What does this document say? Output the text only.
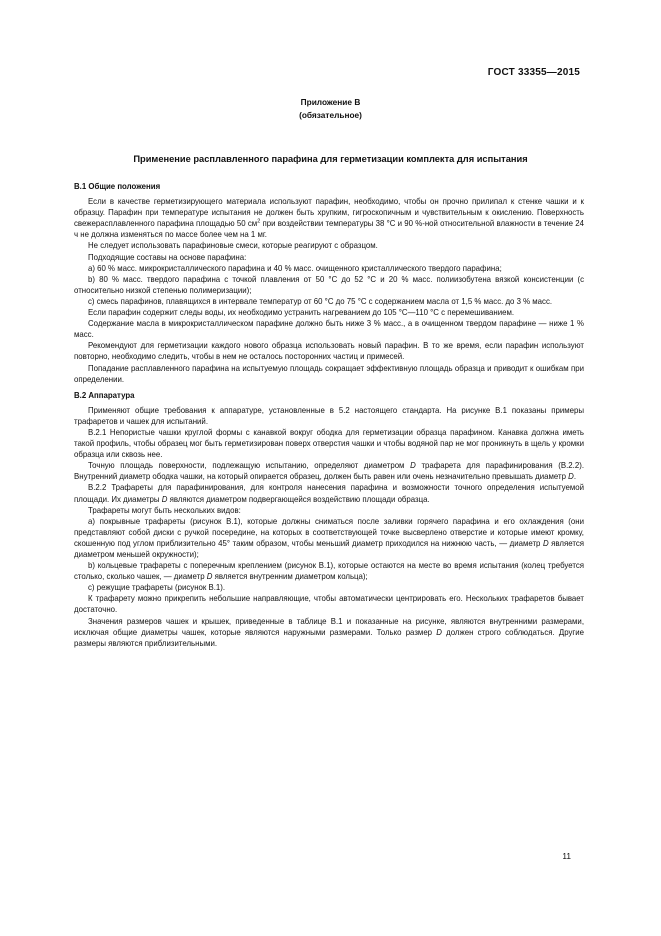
ГОСТ 33355—2015
Приложение В
(обязательное)
Применение расплавленного парафина для герметизации комплекта для испытания
В.1 Общие положения

Если в качестве герметизирующего материала используют парафин, необходимо, чтобы он прочно прилипал к стенке чашки и к образцу. Парафин при температуре испытания не должен быть хрупким, гигроскопичным и чувствительным к окислению. Поверхность свежерасплавленного парафина площадью 50 $см^2$ при воздействии температуры 38 °С и 90 %-ной относительной влажности в течение 24 ч не должна изменяться по массе более чем на 1 мг.

Не следует использовать парафиновые смеси, которые реагируют с образцом.

Подходящие составы на основе парафина:

а) 60 % масс. микрокристаллического парафина и 40 % масс. очищенного кристаллического твердого парафина;

b) 80 % масс. твердого парафина с точкой плавления от 50 °С до 52 °С и 20 % масс. полиизобутена вязкой консистенции (с относительно низкой степенью полимеризации);

с) смесь парафинов, плавящихся в интервале температур от 60 °С до 75 °С с содержанием масла от 1,5 % масс. до 3 % масс.

Если парафин содержит следы воды, их необходимо устранить нагреванием до 105 °С—110 °С с перемешиванием.

Содержание масла в микрокристаллическом парафине должно быть ниже 3 % масс., а в очищенном твердом парафине — ниже 1 % масс.

Рекомендуют для герметизации каждого нового образца использовать новый парафин. В то же время, если парафин используют повторно, необходимо следить, чтобы в нем не осталось посторонних частиц и примесей.

Попадание расплавленного парафина на испытуемую площадь сокращает эффективную площадь образца и приводит к ошибкам при определении.

В.2 Аппаратура

Применяют общие требования к аппаратуре, установленные в 5.2 настоящего стандарта. На рисунке В.1 показаны примеры трафаретов и чашек для испытаний.

В.2.1 Непористые чашки круглой формы с канавкой вокруг ободка для герметизации образца парафином. Канавка должна иметь такой профиль, чтобы образец мог быть герметизирован поверх отверстия чашки и чтобы водяной пар не мог проникнуть в щель у кромки образца или сквозь нее.

Точную площадь поверхности, подлежащую испытанию, определяют диаметром D трафарета для парафинирования (В.2.2). Внутренний диаметр ободка чашки, на который опирается образец, должен быть равен или очень незначительно превышать диаметр D.

В.2.2 Трафареты для парафинирования, для контроля нанесения парафина и возможности точного определения испытуемой площади. Их диаметры D являются диаметром подвергающейся воздействию площади образца.

Трафареты могут быть нескольких видов:

а) покрывные трафареты (рисунок В.1), которые должны сниматься после заливки горячего парафина и его охлаждения (они представляют собой диски с ручкой посередине, на которых в соответствующей точке высверлено отверстие и которые имеют кромку, скошенную под углом приблизительно 45° таким образом, чтобы меньший диаметр приходился на нижнюю часть, — диаметр D является диаметром меньшей окружности);

b) кольцевые трафареты с поперечным креплением (рисунок В.1), которые остаются на месте во время испытания (колец требуется столько, сколько чашек, — диаметр D является внутренним диаметром кольца);

с) режущие трафареты (рисунок В.1).

К трафарету можно прикрепить небольшие направляющие, чтобы автоматически центрировать его. Нескольких трафаретов бывает достаточно.

Значения размеров чашек и крышек, приведенные в таблице В.1 и показанные на рисунке, являются внутренними размерами, исключая общие диаметры чашек, которые являются наружными размерами. Только размер D должен строго соблюдаться. Другие размеры являются приблизительными.

11
